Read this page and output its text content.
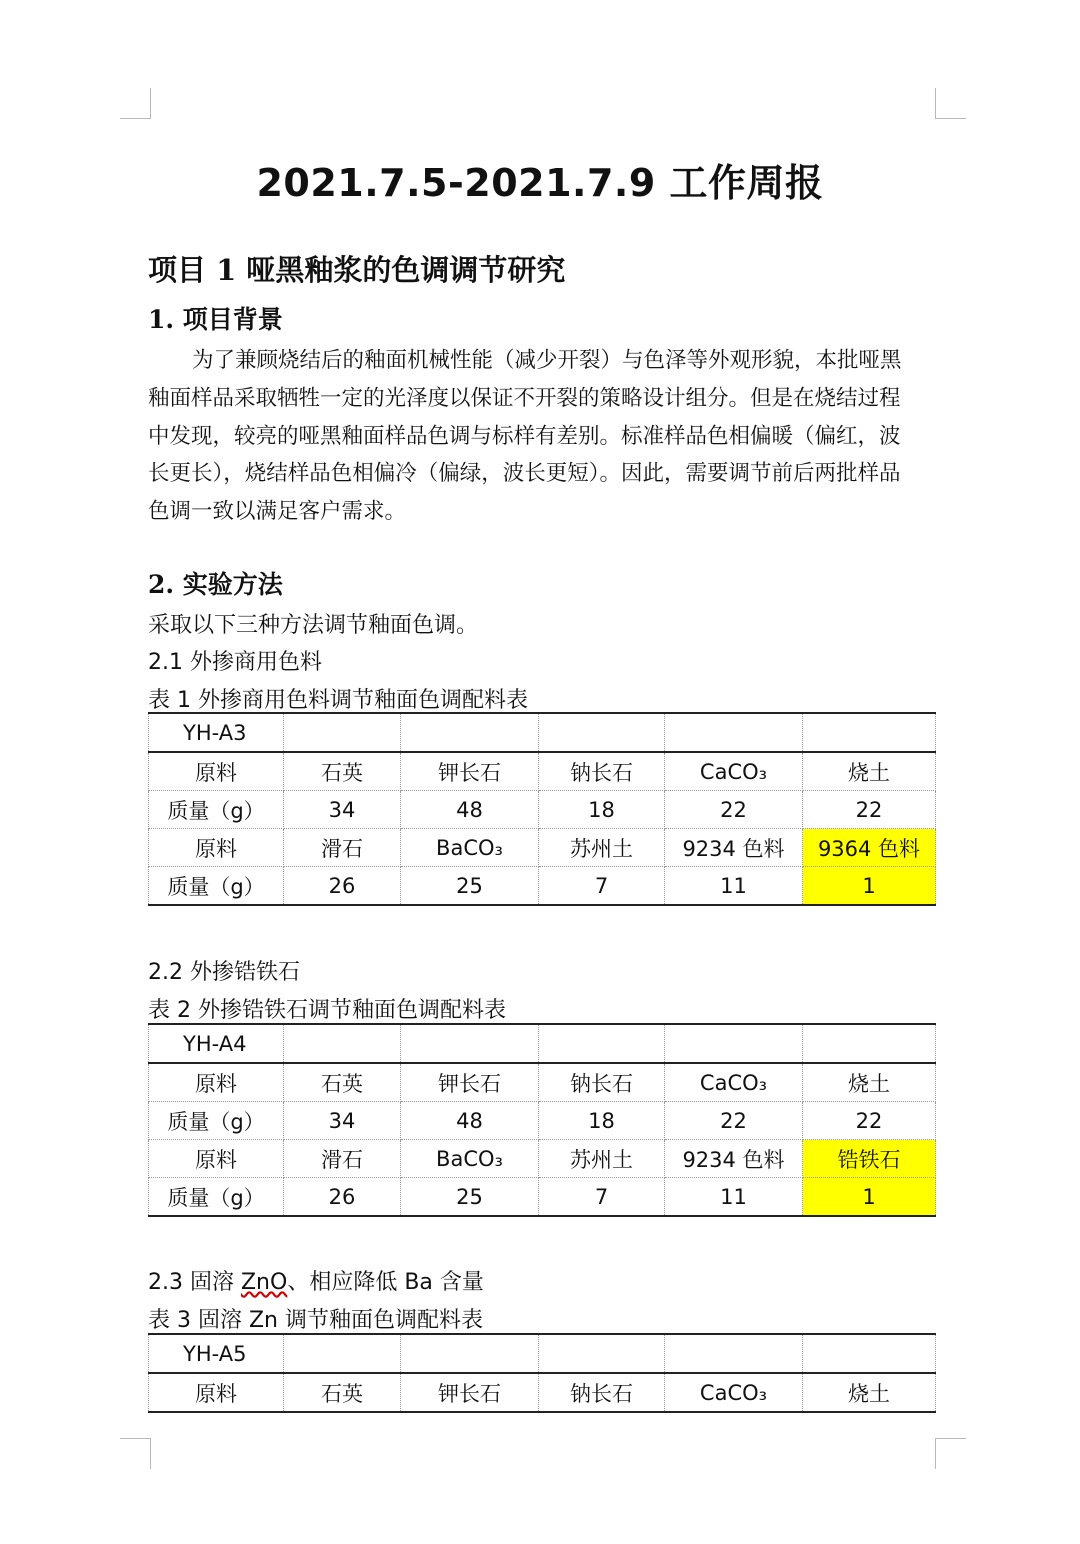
2021.7.5-2021.7.9 工作周报
项目 1 哑黑釉浆的色调调节研究
1. 项目背景
为了兼顾烧结后的釉面机械性能（减少开裂）与色泽等外观形貌，本批哑黑
釉面样品采取牺牲一定的光泽度以保证不开裂的策略设计组分。但是在烧结过程
中发现，较亮的哑黑釉面样品色调与标样有差别。标准样品色相偏暖（偏红，波
长更长），烧结样品色相偏冷（偏绿，波长更短）。因此，需要调节前后两批样品
色调一致以满足客户需求。
2. 实验方法
采取以下三种方法调节釉面色调。
2.1 外掺商用色料
表 1 外掺商用色料调节釉面色调配料表
YH-A3					
原料	石英	钾长石	钠长石	CaCO₃	烧土
质量（g）	34	48	18	22	22
原料	滑石	BaCO₃	苏州土	9234 色料	9364 色料
质量（g）	26	25	7	11	1
2.2 外掺锆铁石
表 2 外掺锆铁石调节釉面色调配料表
YH-A4					
原料	石英	钾长石	钠长石	CaCO₃	烧土
质量（g）	34	48	18	22	22
原料	滑石	BaCO₃	苏州土	9234 色料	锆铁石
质量（g）	26	25	7	11	1
2.3 固溶 ZnO、相应降低 Ba 含量
表 3 固溶 Zn 调节釉面色调配料表
YH-A5					
原料	石英	钾长石	钠长石	CaCO₃	烧土
